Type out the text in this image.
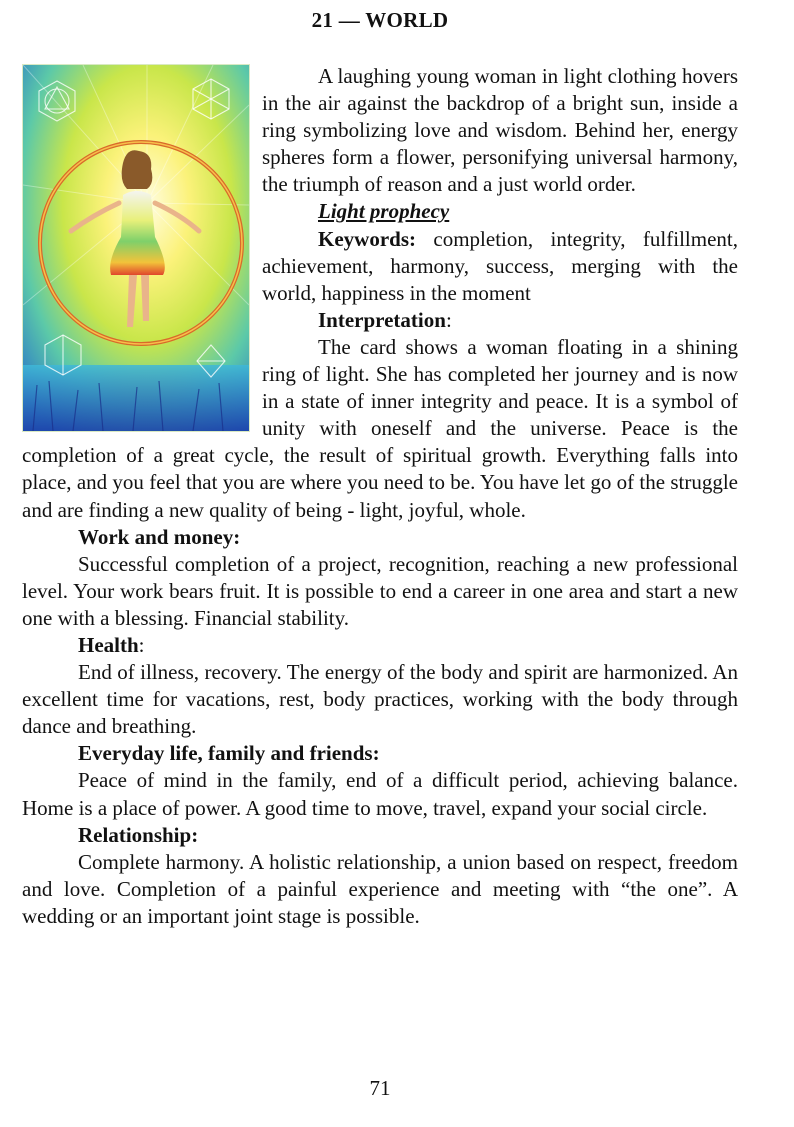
21 — WORLD

A laughing young woman in light clothing hovers in the air against the backdrop of a bright sun, inside a ring symbolizing love and wisdom. Behind her, energy spheres form a flower, personifying universal harmony, the triumph of reason and a just world order.

Light prophecy

Keywords: completion, integrity, fulfillment, achievement, harmony, success, merging with the world, happiness in the moment

Interpretation:

The card shows a woman floating in a shining ring of light. She has completed her journey and is now in a state of inner integrity and peace. It is a symbol of unity with oneself and the universe. Peace is the completion of a great cycle, the result of spiritual growth. Everything falls into place, and you feel that you are where you need to be. You have let go of the struggle and are finding a new quality of being - light, joyful, whole.

Work and money:

Successful completion of a project, recognition, reaching a new professional level. Your work bears fruit. It is possible to end a career in one area and start a new one with a blessing. Financial stability.

Health:

End of illness, recovery. The energy of the body and spirit are harmonized. An excellent time for vacations, rest, body practices, working with the body through dance and breathing.

Everyday life, family and friends:

Peace of mind in the family, end of a difficult period, achieving balance. Home is a place of power. A good time to move, travel, expand your social circle.

Relationship:

Complete harmony. A holistic relationship, a union based on respect, freedom and love. Completion of a painful experience and meeting with “the one”. A wedding or an important joint stage is possible.

71
